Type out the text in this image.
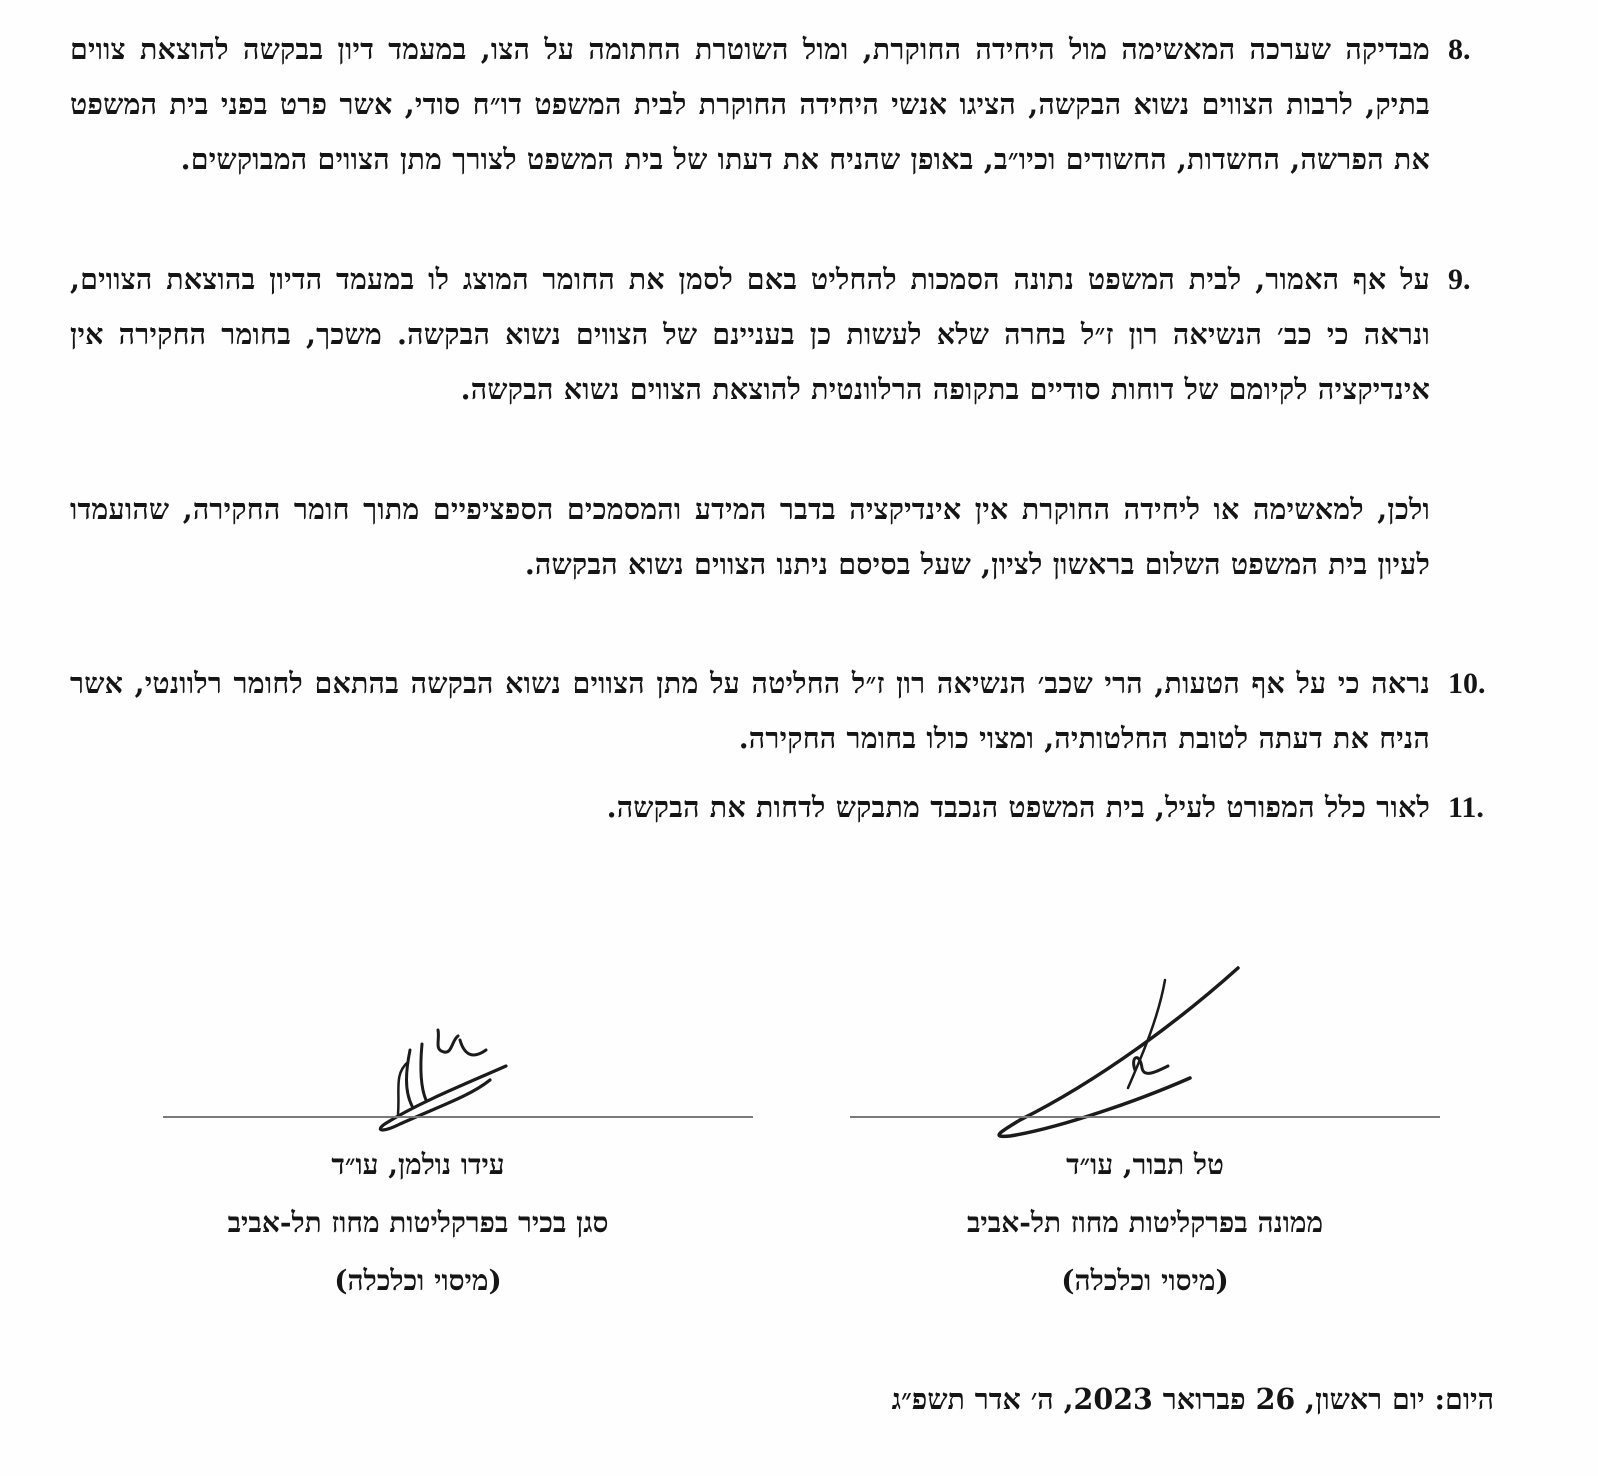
8.
מבדיקה שערכה המאשימה מול היחידה החוקרת, ומול השוטרת החתומה על הצו, במעמד דיון בבקשה להוצאת צווים בתיק, לרבות הצווים נשוא הבקשה, הציגו אנשי היחידה החוקרת לבית המשפט דו״ח סודי, אשר פרט בפני בית המשפט את הפרשה, החשדות, החשודים וכיו״ב, באופן שהניח את דעתו של בית המשפט לצורך מתן הצווים המבוקשים.
9.
על אף האמור, לבית המשפט נתונה הסמכות להחליט באם לסמן את החומר המוצג לו במעמד הדיון בהוצאת הצווים, ונראה כי כב׳ הנשיאה רון ז״ל בחרה שלא לעשות כן בעניינם של הצווים נשוא הבקשה. משכך, בחומר החקירה אין אינדיקציה לקיומם של דוחות סודיים בתקופה הרלוונטית להוצאת הצווים נשוא הבקשה.
ולכן, למאשימה או ליחידה החוקרת אין אינדיקציה בדבר המידע והמסמכים הספציפיים מתוך חומר החקירה, שהועמדו לעיון בית המשפט השלום בראשון לציון, שעל בסיסם ניתנו הצווים נשוא הבקשה.
10.
נראה כי על אף הטעות, הרי שכב׳ הנשיאה רון ז״ל החליטה על מתן הצווים נשוא הבקשה בהתאם לחומר רלוונטי, אשר הניח את דעתה לטובת החלטותיה, ומצוי כולו בחומר החקירה.
11.
לאור כלל המפורט לעיל, בית המשפט הנכבד מתבקש לדחות את הבקשה.
טל תבור, עו״ד
ממונה בפרקליטות מחוז תל-אביב
(מיסוי וכלכלה)
עידו נולמן, עו״ד
סגן בכיר בפרקליטות מחוז תל-אביב
(מיסוי וכלכלה)
היום: יום ראשון, 26 פברואר 2023, ה׳ אדר תשפ״ג
